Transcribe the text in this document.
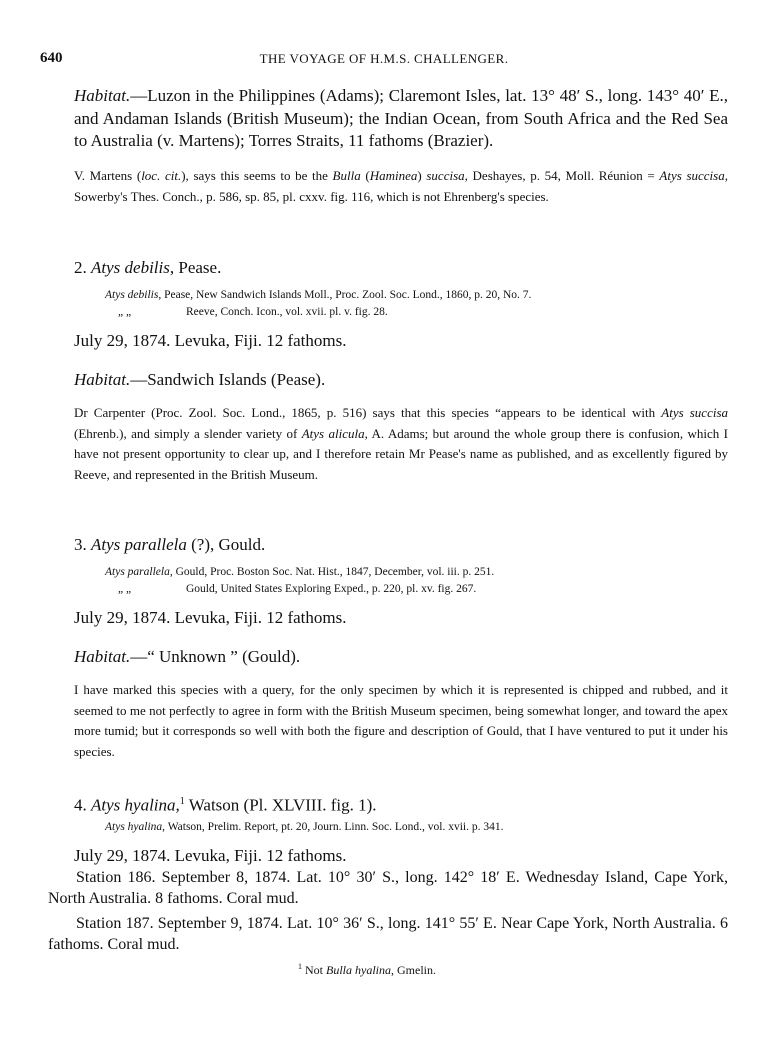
640	THE VOYAGE OF H.M.S. CHALLENGER.

Habitat.—Luzon in the Philippines (Adams); Claremont Isles, lat. 13° 48′ S., long. 143° 40′ E., and Andaman Islands (British Museum); the Indian Ocean, from South Africa and the Red Sea to Australia (v. Martens); Torres Straits, 11 fathoms (Brazier).

V. Martens (loc. cit.), says this seems to be the Bulla (Haminea) succisa, Deshayes, p. 54, Moll. Réunion = Atys succisa, Sowerby's Thes. Conch., p. 586, sp. 85, pl. cxxv. fig. 116, which is not Ehrenberg's species.

2. Atys debilis, Pease.

Atys debilis, Pease, New Sandwich Islands Moll., Proc. Zool. Soc. Lond., 1860, p. 20, No. 7.
„ „	Reeve, Conch. Icon., vol. xvii. pl. v. fig. 28.

July 29, 1874. Levuka, Fiji. 12 fathoms.

Habitat.—Sandwich Islands (Pease).

Dr Carpenter (Proc. Zool. Soc. Lond., 1865, p. 516) says that this species “appears to be identical with Atys succisa (Ehrenb.), and simply a slender variety of Atys alicula, A. Adams; but around the whole group there is confusion, which I have not present opportunity to clear up, and I therefore retain Mr Pease's name as published, and as excellently figured by Reeve, and represented in the British Museum.

3. Atys parallela (?), Gould.

Atys parallela, Gould, Proc. Boston Soc. Nat. Hist., 1847, December, vol. iii. p. 251.
„ „	Gould, United States Exploring Exped., p. 220, pl. xv. fig. 267.

July 29, 1874. Levuka, Fiji. 12 fathoms.

Habitat.—“ Unknown ” (Gould).

I have marked this species with a query, for the only specimen by which it is represented is chipped and rubbed, and it seemed to me not perfectly to agree in form with the British Museum specimen, being somewhat longer, and toward the apex more tumid; but it corresponds so well with both the figure and description of Gould, that I have ventured to put it under his species.

4. Atys hyalina,$^1$ Watson (Pl. XLVIII. fig. 1).

Atys hyalina, Watson, Prelim. Report, pt. 20, Journ. Linn. Soc. Lond., vol. xvii. p. 341.

July 29, 1874. Levuka, Fiji. 12 fathoms.

Station 186. September 8, 1874. Lat. 10° 30′ S., long. 142° 18′ E. Wednesday Island, Cape York, North Australia. 8 fathoms. Coral mud.

Station 187. September 9, 1874. Lat. 10° 36′ S., long. 141° 55′ E. Near Cape York, North Australia. 6 fathoms. Coral mud.

$^1$ Not Bulla hyalina, Gmelin.
